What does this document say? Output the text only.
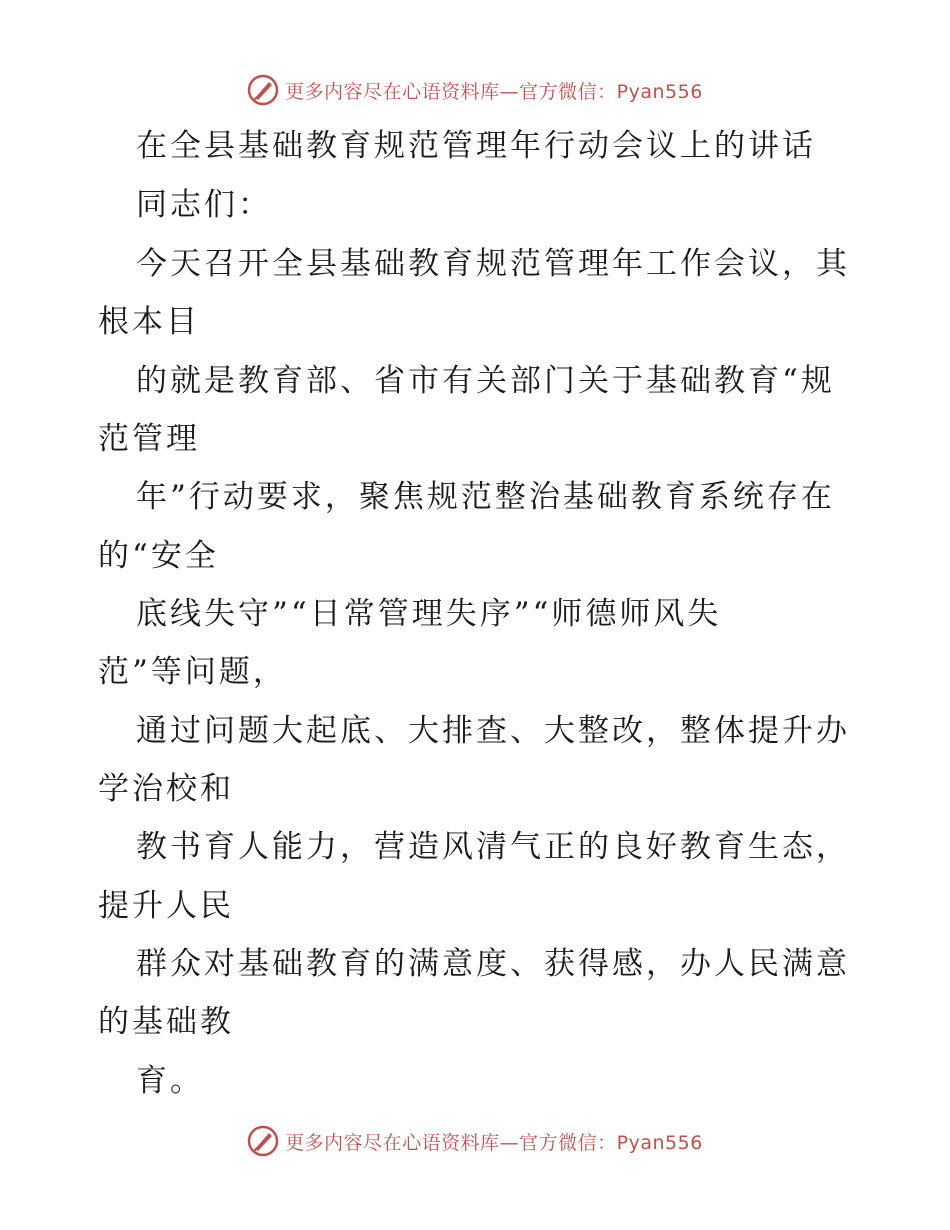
更多内容尽在心语资料库—官方微信：Pyan556
在全县基础教育规范管理年行动会议上的讲话
同志们：
今天召开全县基础教育规范管理年工作会议，其
根本目
的就是教育部、省市有关部门关于基础教育“规
范管理
年”行动要求，聚焦规范整治基础教育系统存在
的“安全
底线失守”“日常管理失序”“师德师风失
范”等问题，
通过问题大起底、大排查、大整改，整体提升办
学治校和
教书育人能力，营造风清气正的良好教育生态，
提升人民
群众对基础教育的满意度、获得感，办人民满意
的基础教
育。
更多内容尽在心语资料库—官方微信：Pyan556
